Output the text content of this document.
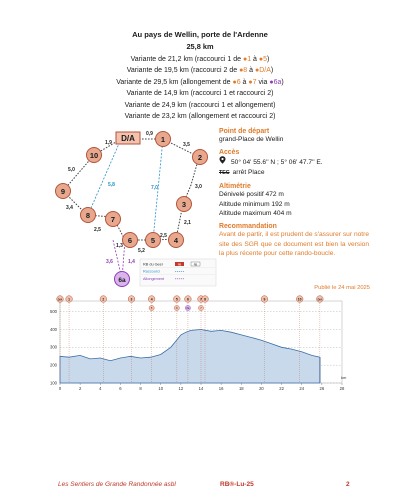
Au pays de Wellin, porte de l'Ardenne
25,8 km
Variante de 21,2 km (raccourci 1 de ●1 à ●5)
Variante de 19,5 km (raccourci 2 de ●8 à ●D/A)
Variante de 29,5 km (allongement de ●6 à ●7 via ●6a)
Variante de 14,9 km (raccourci 1 et raccourci 2)
Variante de 24,9 km (raccourci 1 et allongement)
Variante de 23,2 km (allongement et raccourci 2)
D/A	1
2
3
4
5
6
7
8
9
10
6a
0,9
3,5
3,0
2,1
2,5
5,2
1,3
2,5
3,4
5,0
1,9
5,8	7,0
3,6	1,4 RB du Geer	RB	RB
Raccourci
Allongement
Point de départ
grand-Place de Wellin
Accès
50° 04' 55.6'' N ; 5° 06' 47.7'' E.
TEC arrêt Place
Altimétrie
Dénivelé positif 472 m
Altitude minimum 192 m
Altitude maximum 404 m
Recommandation
Avant de partir, il est prudent de s'assurer sur notre site des SGR que ce document est bien la version la plus récente pour cette rando-boucle.
Publié le 24 mai 2025
500
400
300
200
100
0	2	4	6	8	10	12	14	16	18	20	22	24	26	28
D/A 1	2	3	4	5	6	7 8	9	10	D/A
5	6	6a	7
km
Les Sentiers de Grande Randonnée asbl	RB®-Lu-25	2
